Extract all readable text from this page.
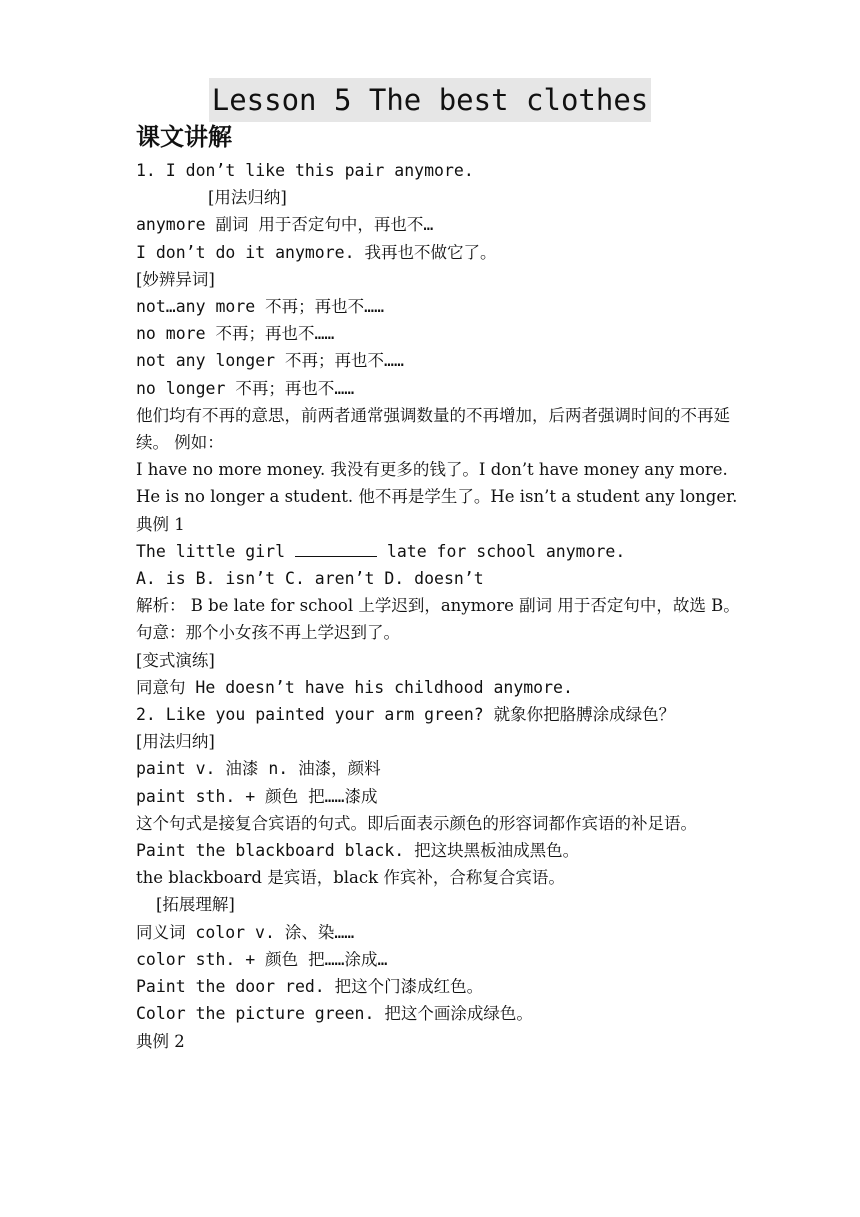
Lesson 5 The best clothes
课文讲解
1. I don’t like this pair anymore.
[用法归纳]
anymore 副词 用于否定句中，再也不…
I don’t do it anymore. 我再也不做它了。
[妙辨异词]
not…any more 不再；再也不……
no more 不再；再也不……
not any longer 不再；再也不……
no longer 不再；再也不……
他们均有不再的意思，前两者通常强调数量的不再增加，后两者强调时间的不再延续。 例如：
I have no more money. 我没有更多的钱了。I don’t have money any more.
He is no longer a student. 他不再是学生了。He isn’t a student any longer.
典例 1
The little girl	late for school anymore.
A. is B. isn’t C. aren’t D. doesn’t
解析： B be late for school 上学迟到，anymore 副词 用于否定句中，故选 B。 句意：那个小女孩不再上学迟到了。
[变式演练]
同意句 He doesn’t have his childhood anymore.
2. Like you painted your arm green? 就象你把胳膊涂成绿色？
[用法归纳]
paint v. 油漆 n. 油漆，颜料
paint sth. + 颜色 把……漆成
这个句式是接复合宾语的句式。即后面表示颜色的形容词都作宾语的补足语。
Paint the blackboard black. 把这块黑板油成黑色。
the blackboard 是宾语，black 作宾补，合称复合宾语。
[拓展理解]
同义词 color v. 涂、染……
color sth. + 颜色 把……涂成…
Paint the door red. 把这个门漆成红色。
Color the picture green. 把这个画涂成绿色。
典例 2
